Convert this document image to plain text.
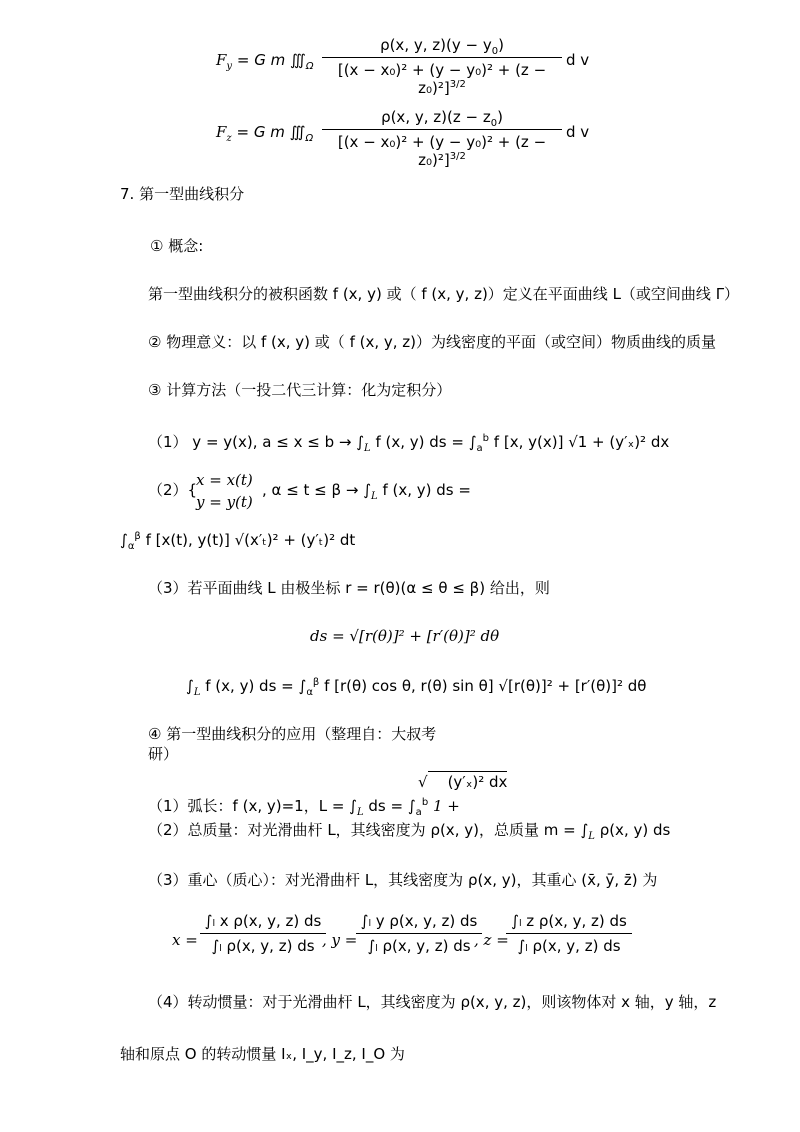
$F_y = G$ m $∭_\Omega$
ρ(x, y, $z)(y - y_0)$
$[(x - x_0)^2 + (y - y_0)^2 + (z - z_0)^2]^{3/2}$
d v
$F_z = G$ m $∭_\Omega$
ρ(x, y, $z)(z - z_0)$
$[(x - x_0)^2 + (y - y_0)^2 + (z - z_0)^2]^{3/2}$
d v
7. 第一型曲线积分
① 概念:
第一型曲线积分的被积函数 f (x, y) 或（ f (x, y, z)）定义在平面曲线 L（或空间曲线 Γ）
② 物理意义：以 f (x, y) 或（ f (x, y, z)）为线密度的平面（或空间）物质曲线的质量
③ 计算方法（一投二代三计算：化为定积分）
（1） y = y(x), $a \le x \le b \to \int_L$ f (x, y) ds = $\int_a^b$ f [x, y(x)] √1 + (y′ₓ)² dx
（2）{
x = x(t)
y = y(t)
, $\alpha \le t \le \beta \to \int_L$ f (x, y) ds =
$\int_\alpha^\beta$ f [x(t), y(t)] √(x′ₜ)² + (y′ₜ)² dt
（3）若平面曲线 L 由极坐标 r = r(θ)(α ≤ θ ≤ β) 给出，则
ds = √[r(θ)]² + [r′(θ)]² dθ
$\int_L$ f (x, y) ds = $\int_\alpha^\beta$ f [r(θ) cos θ, r(θ) sin θ] √[r(θ)]² + [r′(θ)]² dθ
④ 第一型曲线积分的应用（整理自：大叔考
研）
√ (y′ₓ)² dx
（1）弧长：f (x, y)=1，$L = \int_L$ ds = $\int_a^b$ 1 +
（2）总质量：对光滑曲杆 L，其线密度为 ρ(x, y)，总质量 $m = \int_L$ ρ(x, y) ds
（3）重心（质心）：对光滑曲杆 L，其线密度为 ρ(x, y)，其重心 (x̄, ȳ, z̄) 为
x =
∫ₗ x ρ(x, y, z) ds
∫ₗ ρ(x, y, z) ds , y =
∫ₗ y ρ(x, y, z) ds
∫ₗ ρ(x, y, z) ds , z =
∫ₗ z ρ(x, y, z) ds
∫ₗ ρ(x, y, z) ds
（4）转动惯量：对于光滑曲杆 L，其线密度为 ρ(x, y, z)，则该物体对 x 轴，y 轴，z
轴和原点 O 的转动惯量 Iₓ, I_y, I_z, I_O 为
